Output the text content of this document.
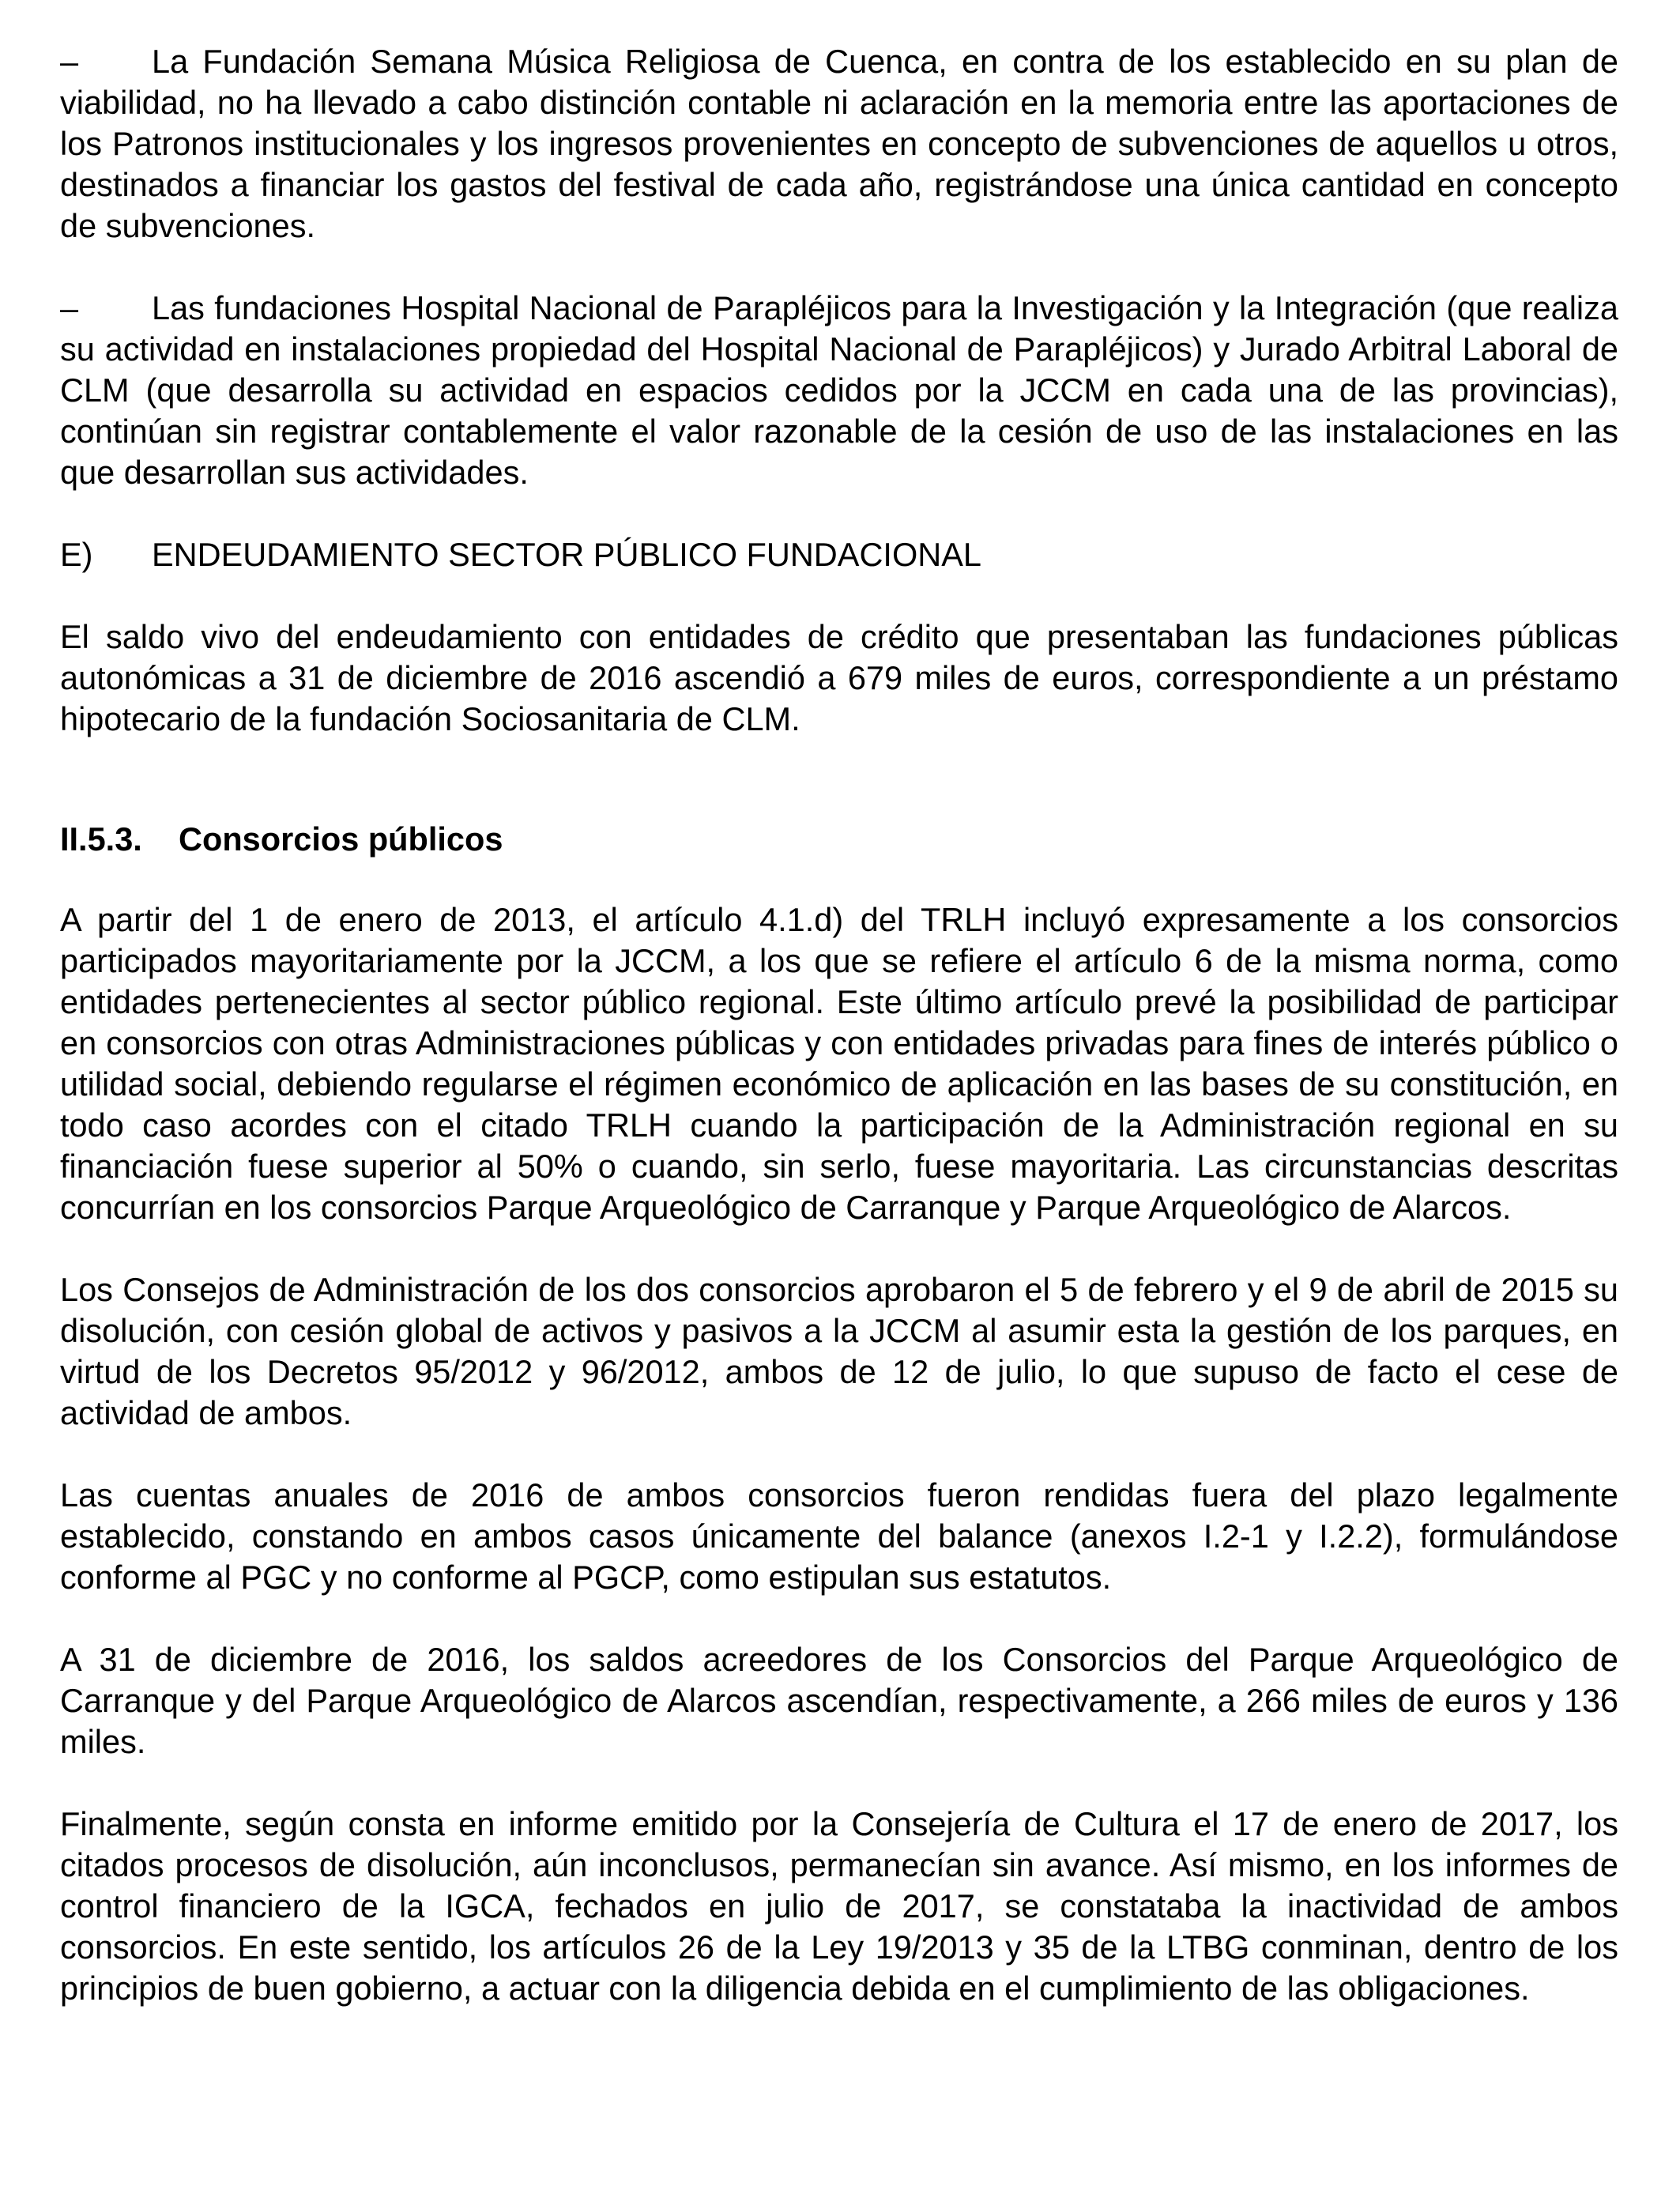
– La Fundación Semana Música Religiosa de Cuenca, en contra de los establecido en su plan de viabilidad, no ha llevado a cabo distinción contable ni aclaración en la memoria entre las aportaciones de los Patronos institucionales y los ingresos provenientes en concepto de subvenciones de aquellos u otros, destinados a financiar los gastos del festival de cada año, registrándose una única cantidad en concepto de subvenciones.

– Las fundaciones Hospital Nacional de Parapléjicos para la Investigación y la Integración (que realiza su actividad en instalaciones propiedad del Hospital Nacional de Parapléjicos) y Jurado Arbitral Laboral de CLM (que desarrolla su actividad en espacios cedidos por la JCCM en cada una de las provincias), continúan sin registrar contablemente el valor razonable de la cesión de uso de las instalaciones en las que desarrollan sus actividades.

E) ENDEUDAMIENTO SECTOR PÚBLICO FUNDACIONAL

El saldo vivo del endeudamiento con entidades de crédito que presentaban las fundaciones públicas autonómicas a 31 de diciembre de 2016 ascendió a 679 miles de euros, correspondiente a un préstamo hipotecario de la fundación Sociosanitaria de CLM.

II.5.3. Consorcios públicos

A partir del 1 de enero de 2013, el artículo 4.1.d) del TRLH incluyó expresamente a los consorcios participados mayoritariamente por la JCCM, a los que se refiere el artículo 6 de la misma norma, como entidades pertenecientes al sector público regional. Este último artículo prevé la posibilidad de participar en consorcios con otras Administraciones públicas y con entidades privadas para fines de interés público o utilidad social, debiendo regularse el régimen económico de aplicación en las bases de su constitución, en todo caso acordes con el citado TRLH cuando la participación de la Administración regional en su financiación fuese superior al 50% o cuando, sin serlo, fuese mayoritaria. Las circunstancias descritas concurrían en los consorcios Parque Arqueológico de Carranque y Parque Arqueológico de Alarcos.

Los Consejos de Administración de los dos consorcios aprobaron el 5 de febrero y el 9 de abril de 2015 su disolución, con cesión global de activos y pasivos a la JCCM al asumir esta la gestión de los parques, en virtud de los Decretos 95/2012 y 96/2012, ambos de 12 de julio, lo que supuso de facto el cese de actividad de ambos.

Las cuentas anuales de 2016 de ambos consorcios fueron rendidas fuera del plazo legalmente establecido, constando en ambos casos únicamente del balance (anexos I.2-1 y I.2.2), formulándose conforme al PGC y no conforme al PGCP, como estipulan sus estatutos.

A 31 de diciembre de 2016, los saldos acreedores de los Consorcios del Parque Arqueológico de Carranque y del Parque Arqueológico de Alarcos ascendían, respectivamente, a 266 miles de euros y 136 miles.

Finalmente, según consta en informe emitido por la Consejería de Cultura el 17 de enero de 2017, los citados procesos de disolución, aún inconclusos, permanecían sin avance. Así mismo, en los informes de control financiero de la IGCA, fechados en julio de 2017, se constataba la inactividad de ambos consorcios. En este sentido, los artículos 26 de la Ley 19/2013 y 35 de la LTBG conminan, dentro de los principios de buen gobierno, a actuar con la diligencia debida en el cumplimiento de las obligaciones.
